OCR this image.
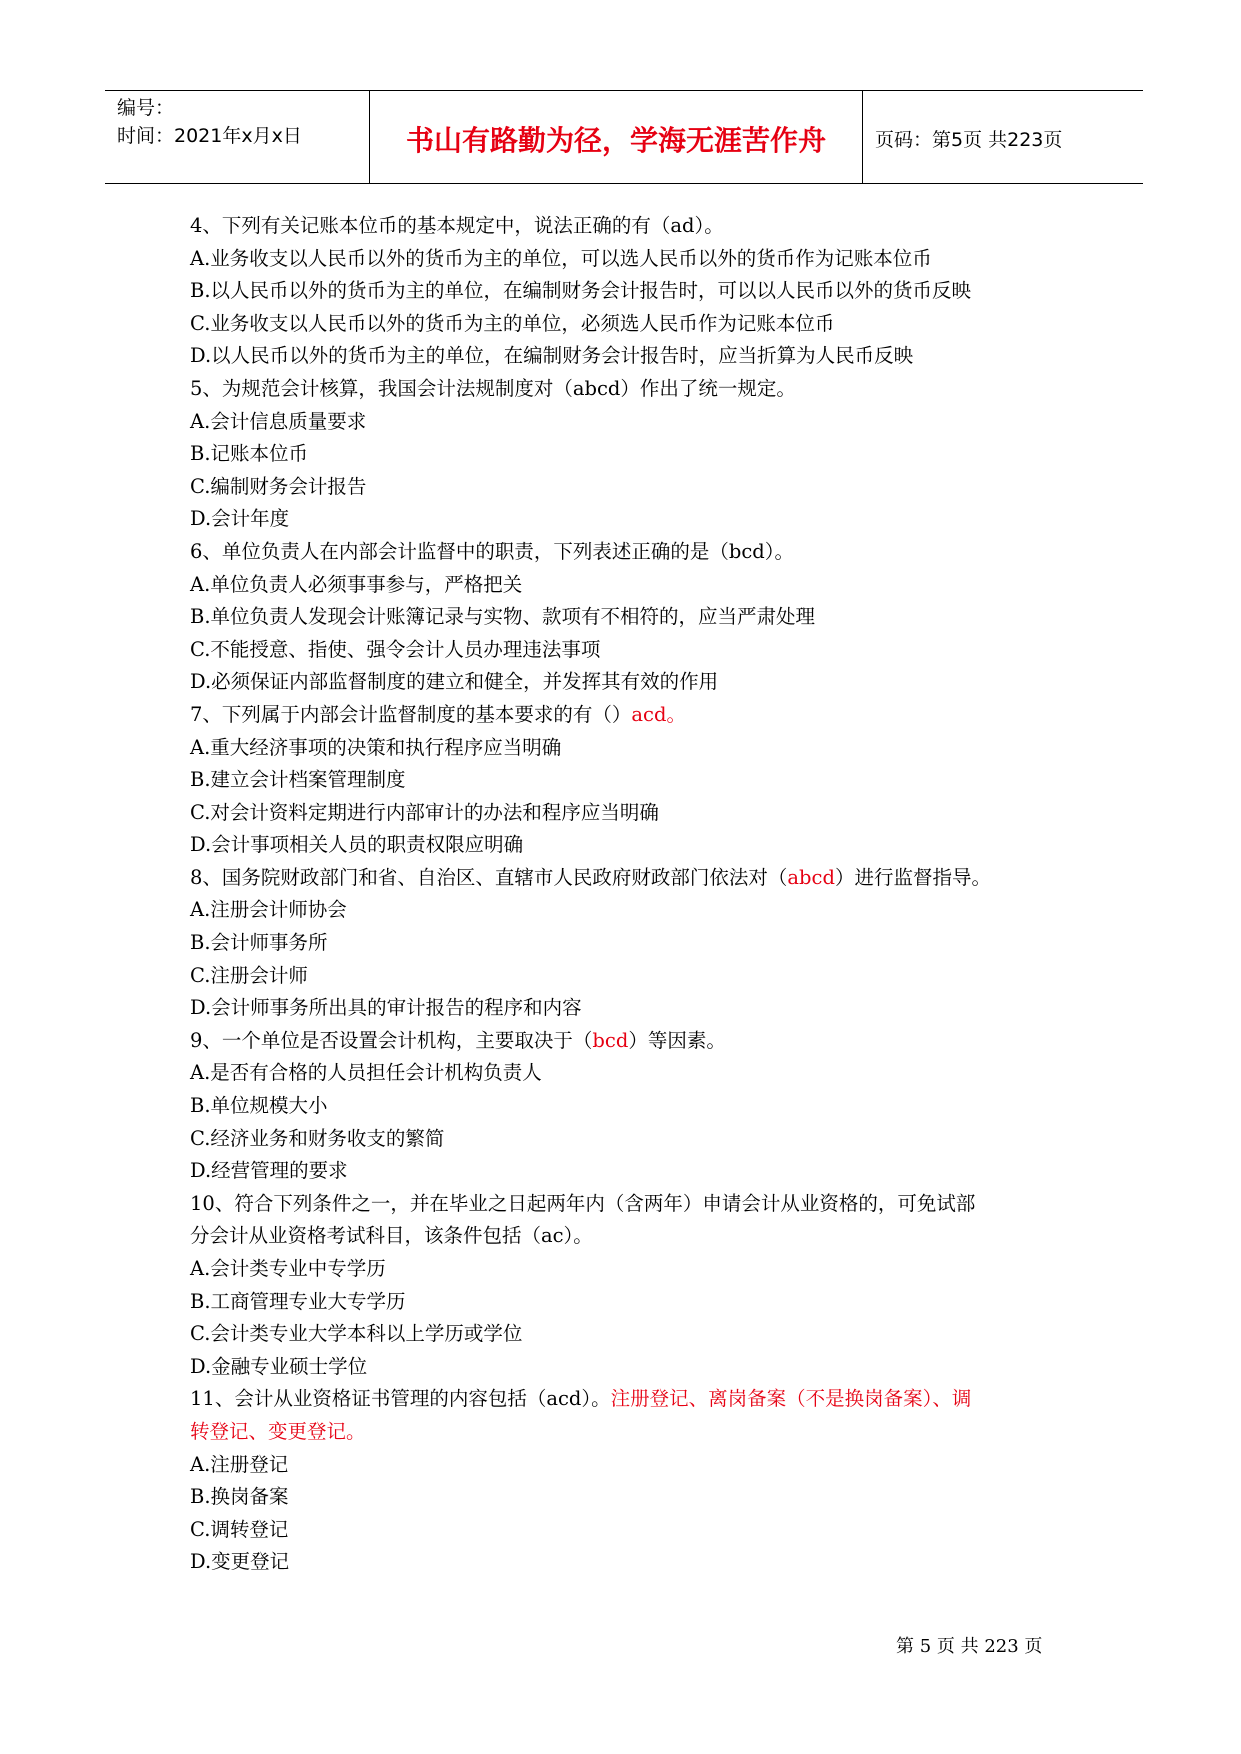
编号：
时间：2021年x月x日	书山有路勤为径，学海无涯苦作舟	页码：第5页 共223页
4、下列有关记账本位币的基本规定中，说法正确的有（ad）。
A.业务收支以人民币以外的货币为主的单位，可以选人民币以外的货币作为记账本位币
B.以人民币以外的货币为主的单位，在编制财务会计报告时，可以以人民币以外的货币反映
C.业务收支以人民币以外的货币为主的单位，必须选人民币作为记账本位币
D.以人民币以外的货币为主的单位，在编制财务会计报告时，应当折算为人民币反映
5、为规范会计核算，我国会计法规制度对（abcd）作出了统一规定。
A.会计信息质量要求
B.记账本位币
C.编制财务会计报告
D.会计年度
6、单位负责人在内部会计监督中的职责，下列表述正确的是（bcd）。
A.单位负责人必须事事参与，严格把关
B.单位负责人发现会计账簿记录与实物、款项有不相符的，应当严肃处理
C.不能授意、指使、强令会计人员办理违法事项
D.必须保证内部监督制度的建立和健全，并发挥其有效的作用
7、下列属于内部会计监督制度的基本要求的有（）acd。
A.重大经济事项的决策和执行程序应当明确
B.建立会计档案管理制度
C.对会计资料定期进行内部审计的办法和程序应当明确
D.会计事项相关人员的职责权限应明确
8、国务院财政部门和省、自治区、直辖市人民政府财政部门依法对（abcd）进行监督指导。
A.注册会计师协会
B.会计师事务所
C.注册会计师
D.会计师事务所出具的审计报告的程序和内容
9、一个单位是否设置会计机构，主要取决于（bcd）等因素。
A.是否有合格的人员担任会计机构负责人
B.单位规模大小
C.经济业务和财务收支的繁简
D.经营管理的要求
10、符合下列条件之一，并在毕业之日起两年内（含两年）申请会计从业资格的，可免试部
分会计从业资格考试科目，该条件包括（ac）。
A.会计类专业中专学历
B.工商管理专业大专学历
C.会计类专业大学本科以上学历或学位
D.金融专业硕士学位
11、会计从业资格证书管理的内容包括（acd）。注册登记、离岗备案（不是换岗备案）、调
转登记、变更登记。
A.注册登记
B.换岗备案
C.调转登记
D.变更登记
第 5 页 共 223 页
